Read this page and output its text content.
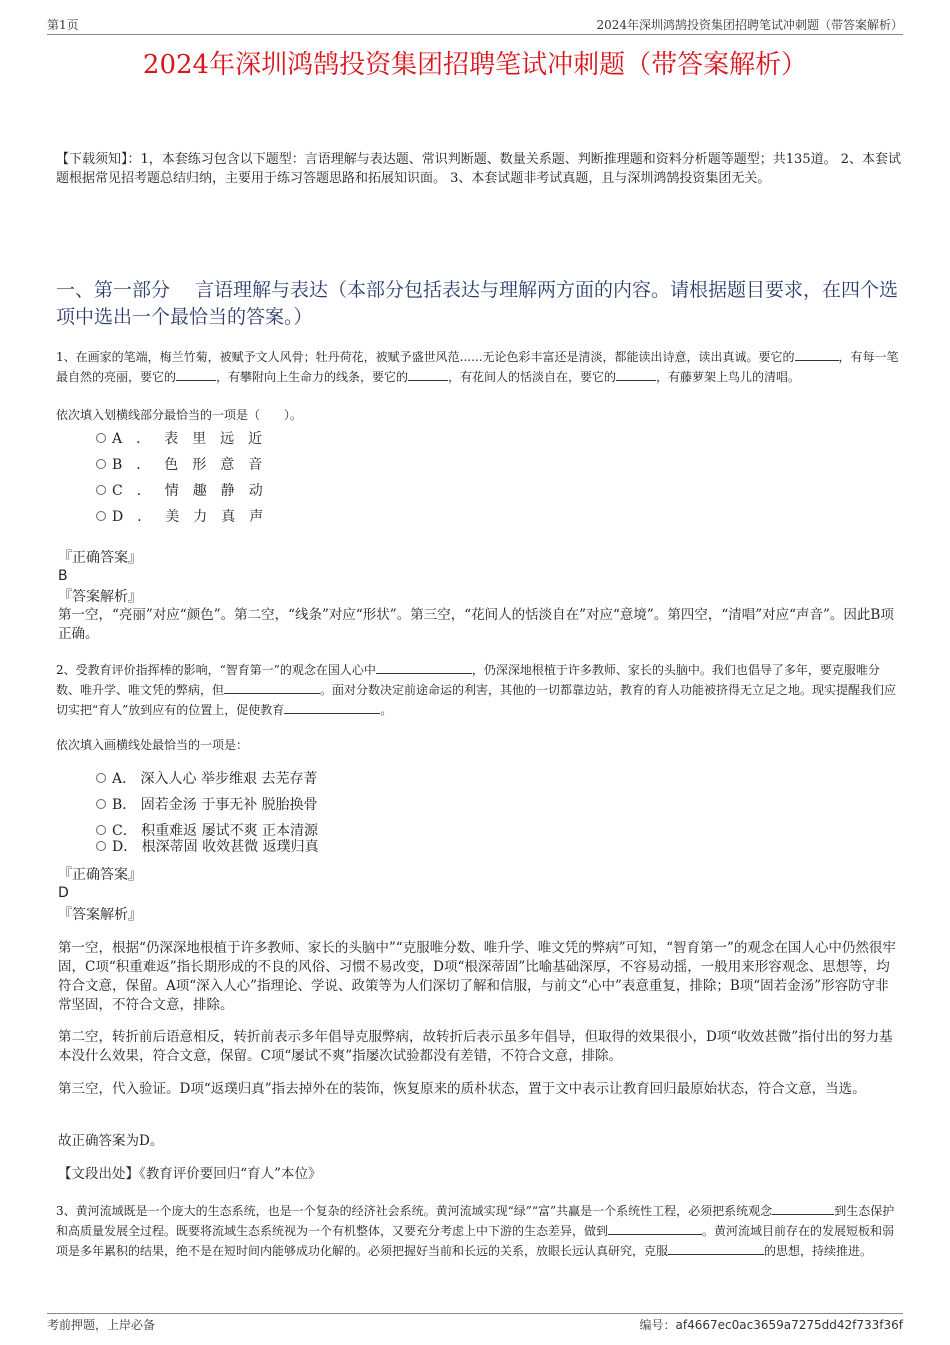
第1页	2024年深圳鸿鹄投资集团招聘笔试冲刺题（带答案解析）
2024年深圳鸿鹄投资集团招聘笔试冲刺题（带答案解析）

【下载须知】：1，本套练习包含以下题型：言语理解与表达题、常识判断题、数量关系题、判断推理题和资料分析题等题型；共135道。 2、本套试题根据常见招考题总结归纳，主要用于练习答题思路和拓展知识面。 3、本套试题非考试真题，且与深圳鸿鹄投资集团无关。

一、第一部分　 言语理解与表达（本部分包括表达与理解两方面的内容。请根据题目要求，在四个选项中选出一个最恰当的答案。）

1、在画家的笔端，梅兰竹菊，被赋予文人风骨；牡丹荷花，被赋予盛世风范......无论色彩丰富还是清淡，都能读出诗意，读出真诚。要它的	，有每一笔最自然的亮丽，要它的	，有攀附向上生命力的线条，要它的	，有花间人的恬淡自在，要它的	，有藤萝架上鸟儿的清唱。

依次填入划横线部分最恰当的一项是（　　）。

A．表里远近
B．色形意音
C．情趣静动
D．美力真声
『正确答案』
B
『答案解析』

第一空，“亮丽”对应“颜色”。第二空，“线条”对应“形状”。第三空，“花间人的恬淡自在”对应“意境”。第四空，“清唱”对应“声音”。因此B项正确。

2、受教育评价指挥棒的影响，“智育第一”的观念在国人心中	，仍深深地根植于许多教师、家长的头脑中。我们也倡导了多年，要克服唯分数、唯升学、唯文凭的弊病，但	。面对分数决定前途命运的利害，其他的一切都靠边站，教育的育人功能被挤得无立足之地。现实提醒我们应切实把“育人”放到应有的位置上，促使教育	。

依次填入画横线处最恰当的一项是：

A． 深入人心 举步维艰 去芜存菁
B． 固若金汤 于事无补 脱胎换骨
C． 积重难返 屡试不爽 正本清源
D． 根深蒂固 收效甚微 返璞归真
『正确答案』
D
『答案解析』

第一空，根据“仍深深地根植于许多教师、家长的头脑中”“克服唯分数、唯升学、唯文凭的弊病”可知，“智育第一”的观念在国人心中仍然很牢固，C项“积重难返”指长期形成的不良的风俗、习惯不易改变，D项“根深蒂固”比喻基础深厚，不容易动摇，一般用来形容观念、思想等，均符合文意，保留。A项“深入人心”指理论、学说、政策等为人们深切了解和信服，与前文“心中”表意重复，排除；B项“固若金汤”形容防守非常坚固，不符合文意，排除。

第二空，转折前后语意相反，转折前表示多年倡导克服弊病，故转折后表示虽多年倡导，但取得的效果很小，D项“收效甚微”指付出的努力基本没什么效果，符合文意，保留。C项“屡试不爽”指屡次试验都没有差错，不符合文意，排除。

第三空，代入验证。D项“返璞归真”指去掉外在的装饰，恢复原来的质朴状态，置于文中表示让教育回归最原始状态，符合文意，当选。

故正确答案为D。

【文段出处】《教育评价要回归“育人”本位》

3、黄河流域既是一个庞大的生态系统，也是一个复杂的经济社会系统。黄河流域实现“绿”“富”共赢是一个系统性工程，必须把系统观念	到生态保护和高质量发展全过程。既要将流域生态系统视为一个有机整体，又要充分考虑上中下游的生态差异，做到	。黄河流域目前存在的发展短板和弱项是多年累积的结果，绝不是在短时间内能够成功化解的。必须把握好当前和长远的关系，放眼长远认真研究，克服	的思想，持续推进。

考前押题，上岸必备	编号：af4667ec0ac3659a7275dd42f733f36f
